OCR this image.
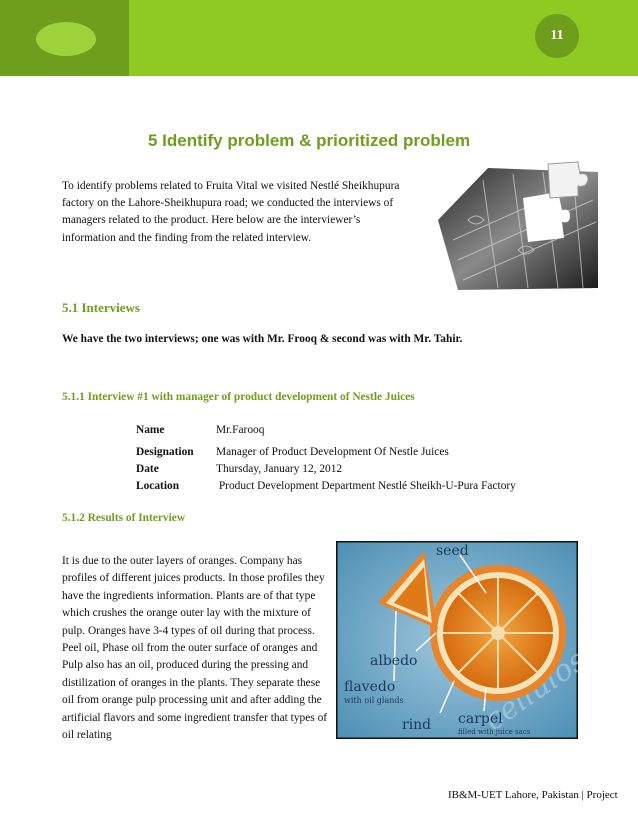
11
5 Identify problem & prioritized problem

To identify problems related to Fruita Vital we visited Nestlé Sheikhupura factory on the Lahore-Sheikhupura road; we conducted the interviews of managers related to the product. Here below are the interviewer’s information and the finding from the related interview.

5.1 Interviews

We have the two interviews; one was with Mr. Frooq & second was with Mr. Tahir.

5.1.1 Interview #1 with manager of product development of Nestle Juices

Name	Mr.Farooq
Designation	Manager of Product Development Of Nestle Juices
Date	Thursday, January 12, 2012
Location	Product Development Department Nestlé Sheikh-U-Pura Factory

5.1.2 Results of Interview

It is due to the outer layers of oranges. Company has profiles of different juices products. In those profiles they have the ingredients information. Plants are of that type which crushes the orange outer lay with the mixture of pulp. Oranges have 3-4 types of oil during that process. Peel oil, Phase oil from the outer surface of oranges and Pulp also has an oil, produced during the pressing and distilization of oranges in the plants. They separate these oil from orange pulp processing unit and after adding the artificial flavors and some ingredient transfer that types of oil relating

seed
albedo
flavedo
with oil glands
rind carpel
filled with juice sacs

IB&M-UET Lahore, Pakistan | Project
